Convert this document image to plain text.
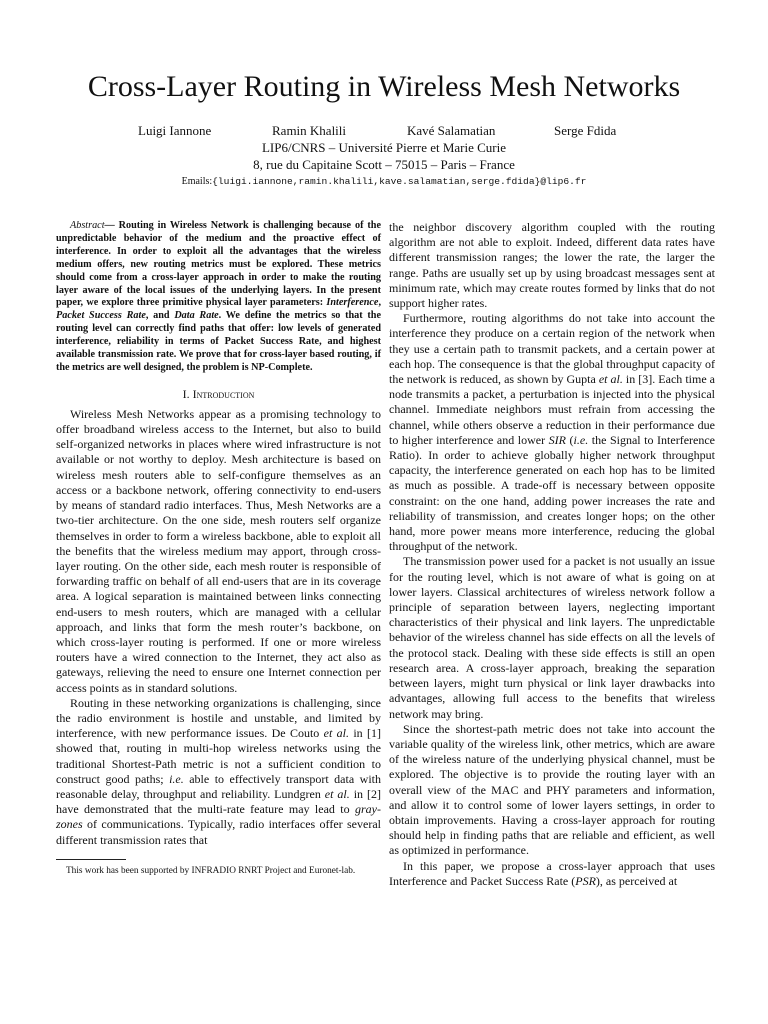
Cross-Layer Routing in Wireless Mesh Networks
Luigi Iannone	Ramin Khalili	Kavé Salamatian	Serge Fdida
LIP6/CNRS – Université Pierre et Marie Curie
8, rue du Capitaine Scott – 75015 – Paris – France
Emails:{luigi.iannone,ramin.khalili,kave.salamatian,serge.fdida}@lip6.fr

Abstract— Routing in Wireless Network is challenging because of the unpredictable behavior of the medium and the proactive effect of interference. In order to exploit all the advantages that the wireless medium offers, new routing metrics must be explored. These metrics should come from a cross-layer approach in order to make the routing layer aware of the local issues of the underlying layers. In the present paper, we explore three primitive physical layer parameters: Interference, Packet Success Rate, and Data Rate. We define the metrics so that the routing level can correctly find paths that offer: low levels of generated interference, reliability in terms of Packet Success Rate, and highest available transmission rate. We prove that for cross-layer based routing, if the metrics are well designed, the problem is NP-Complete.

I. Introduction

Wireless Mesh Networks appear as a promising technology to offer broadband wireless access to the Internet, but also to build self-organized networks in places where wired infrastructure is not available or not worthy to deploy. Mesh architecture is based on wireless mesh routers able to self-configure themselves as an access or a backbone network, offering connectivity to end-users by means of standard radio interfaces. Thus, Mesh Networks are a two-tier architecture. On the one side, mesh routers self organize themselves in order to form a wireless backbone, able to exploit all the benefits that the wireless medium may apport, through cross-layer routing. On the other side, each mesh router is responsible of forwarding traffic on behalf of all end-users that are in its coverage area. A logical separation is maintained between links connecting end-users to mesh routers, which are managed with a cellular approach, and links that form the mesh router’s backbone, on which cross-layer routing is performed. If one or more wireless routers have a wired connection to the Internet, they act also as gateways, relieving the need to ensure one Internet connection per access points as in standard solutions.

Routing in these networking organizations is challenging, since the radio environment is hostile and unstable, and limited by interference, with new performance issues. De Couto et al. in [1] showed that, routing in multi-hop wireless networks using the traditional Shortest-Path metric is not a sufficient condition to construct good paths; i.e. able to effectively transport data with reasonable delay, throughput and reliability. Lundgren et al. in [2] have demonstrated that the multi-rate feature may lead to gray-zones of communications. Typically, radio interfaces offer several different transmission rates that

This work has been supported by INFRADIO RNRT Project and Euronet-lab.

the neighbor discovery algorithm coupled with the routing algorithm are not able to exploit. Indeed, different data rates have different transmission ranges; the lower the rate, the larger the range. Paths are usually set up by using broadcast messages sent at minimum rate, which may create routes formed by links that do not support higher rates.

Furthermore, routing algorithms do not take into account the interference they produce on a certain region of the network when they use a certain path to transmit packets, and a certain power at each hop. The consequence is that the global throughput capacity of the network is reduced, as shown by Gupta et al. in [3]. Each time a node transmits a packet, a perturbation is injected into the physical channel. Immediate neighbors must refrain from accessing the channel, while others observe a reduction in their performance due to higher interference and lower SIR (i.e. the Signal to Interference Ratio). In order to achieve globally higher network throughput capacity, the interference generated on each hop has to be limited as much as possible. A trade-off is necessary between opposite constraint: on the one hand, adding power increases the rate and reliability of transmission, and creates longer hops; on the other hand, more power means more interference, reducing the global throughput of the network.

The transmission power used for a packet is not usually an issue for the routing level, which is not aware of what is going on at lower layers. Classical architectures of wireless network follow a principle of separation between layers, neglecting important characteristics of their physical and link layers. The unpredictable behavior of the wireless channel has side effects on all the levels of the protocol stack. Dealing with these side effects is still an open research area. A cross-layer approach, breaking the separation between layers, might turn physical or link layer drawbacks into advantages, allowing full access to the benefits that wireless network may bring.

Since the shortest-path metric does not take into account the variable quality of the wireless link, other metrics, which are aware of the wireless nature of the underlying physical channel, must be explored. The objective is to provide the routing layer with an overall view of the MAC and PHY parameters and information, and allow it to control some of lower layers settings, in order to obtain improvements. Having a cross-layer approach for routing should help in finding paths that are reliable and efficient, as well as optimized in performance.

In this paper, we propose a cross-layer approach that uses Interference and Packet Success Rate (PSR), as perceived at
